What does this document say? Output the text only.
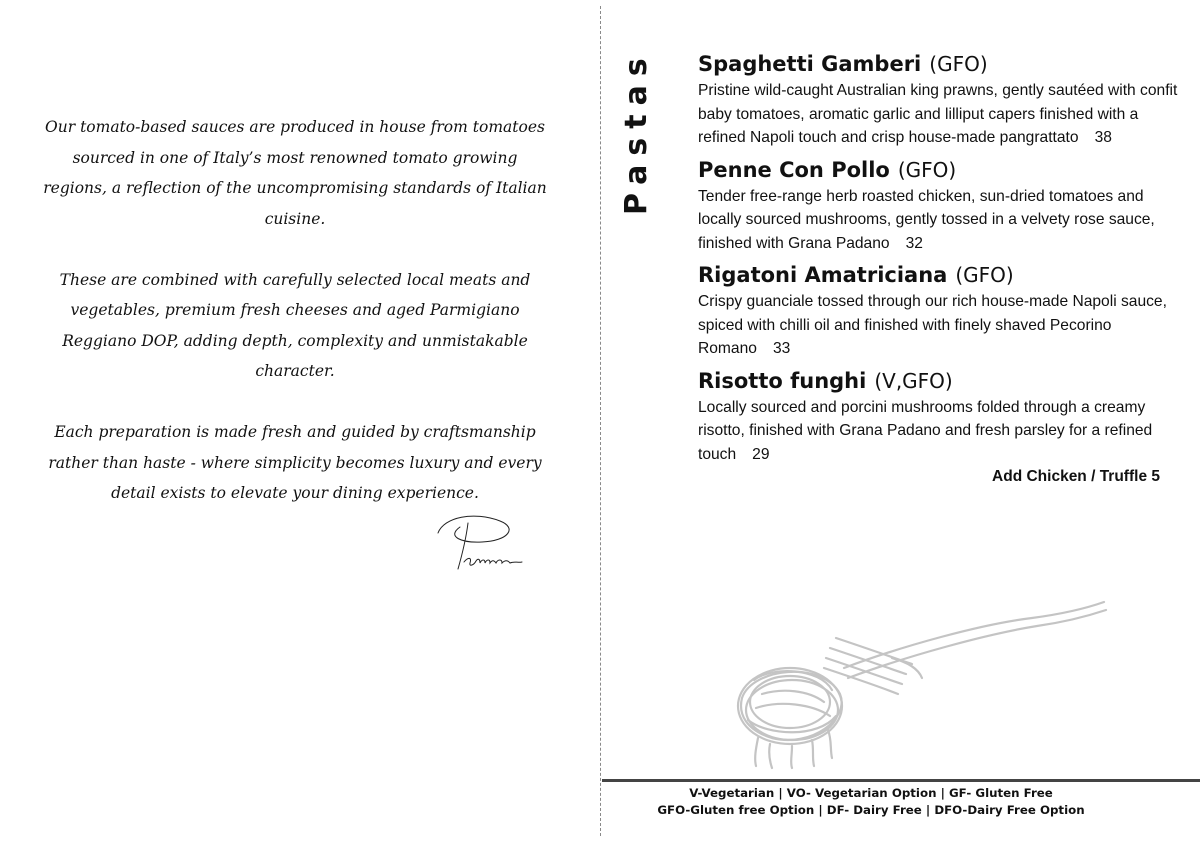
Our tomato-based sauces are produced in house from tomatoes sourced in one of Italy’s most renowned tomato growing regions, a reflection of the uncompromising standards of Italian cuisine.

These are combined with carefully selected local meats and vegetables, premium fresh cheeses and aged Parmigiano Reggiano DOP, adding depth, complexity and unmistakable character.

Each preparation is made fresh and guided by craftsmanship rather than haste - where simplicity becomes luxury and every detail exists to elevate your dining experience.

Pastas Spaghetti Gamberi (GFO)
Pristine wild-caught Australian king prawns, gently sautéed with confit baby tomatoes, aromatic garlic and lilliput capers finished with a refined Napoli touch and crisp house-made pangrattato 38
Penne Con Pollo (GFO)
Tender free-range herb roasted chicken, sun-dried tomatoes and locally sourced mushrooms, gently tossed in a velvety rose sauce, finished with Grana Padano 32
Rigatoni Amatriciana (GFO)
Crispy guanciale tossed through our rich house-made Napoli sauce, spiced with chilli oil and finished with finely shaved Pecorino Romano 33
Risotto funghi (V,GFO)
Locally sourced and porcini mushrooms folded through a creamy risotto, finished with Grana Padano and fresh parsley for a refined touch 29
Add Chicken / Truffle 5
V-Vegetarian | VO- Vegetarian Option | GF- Gluten Free
GFO-Gluten free Option | DF- Dairy Free | DFO-Dairy Free Option
